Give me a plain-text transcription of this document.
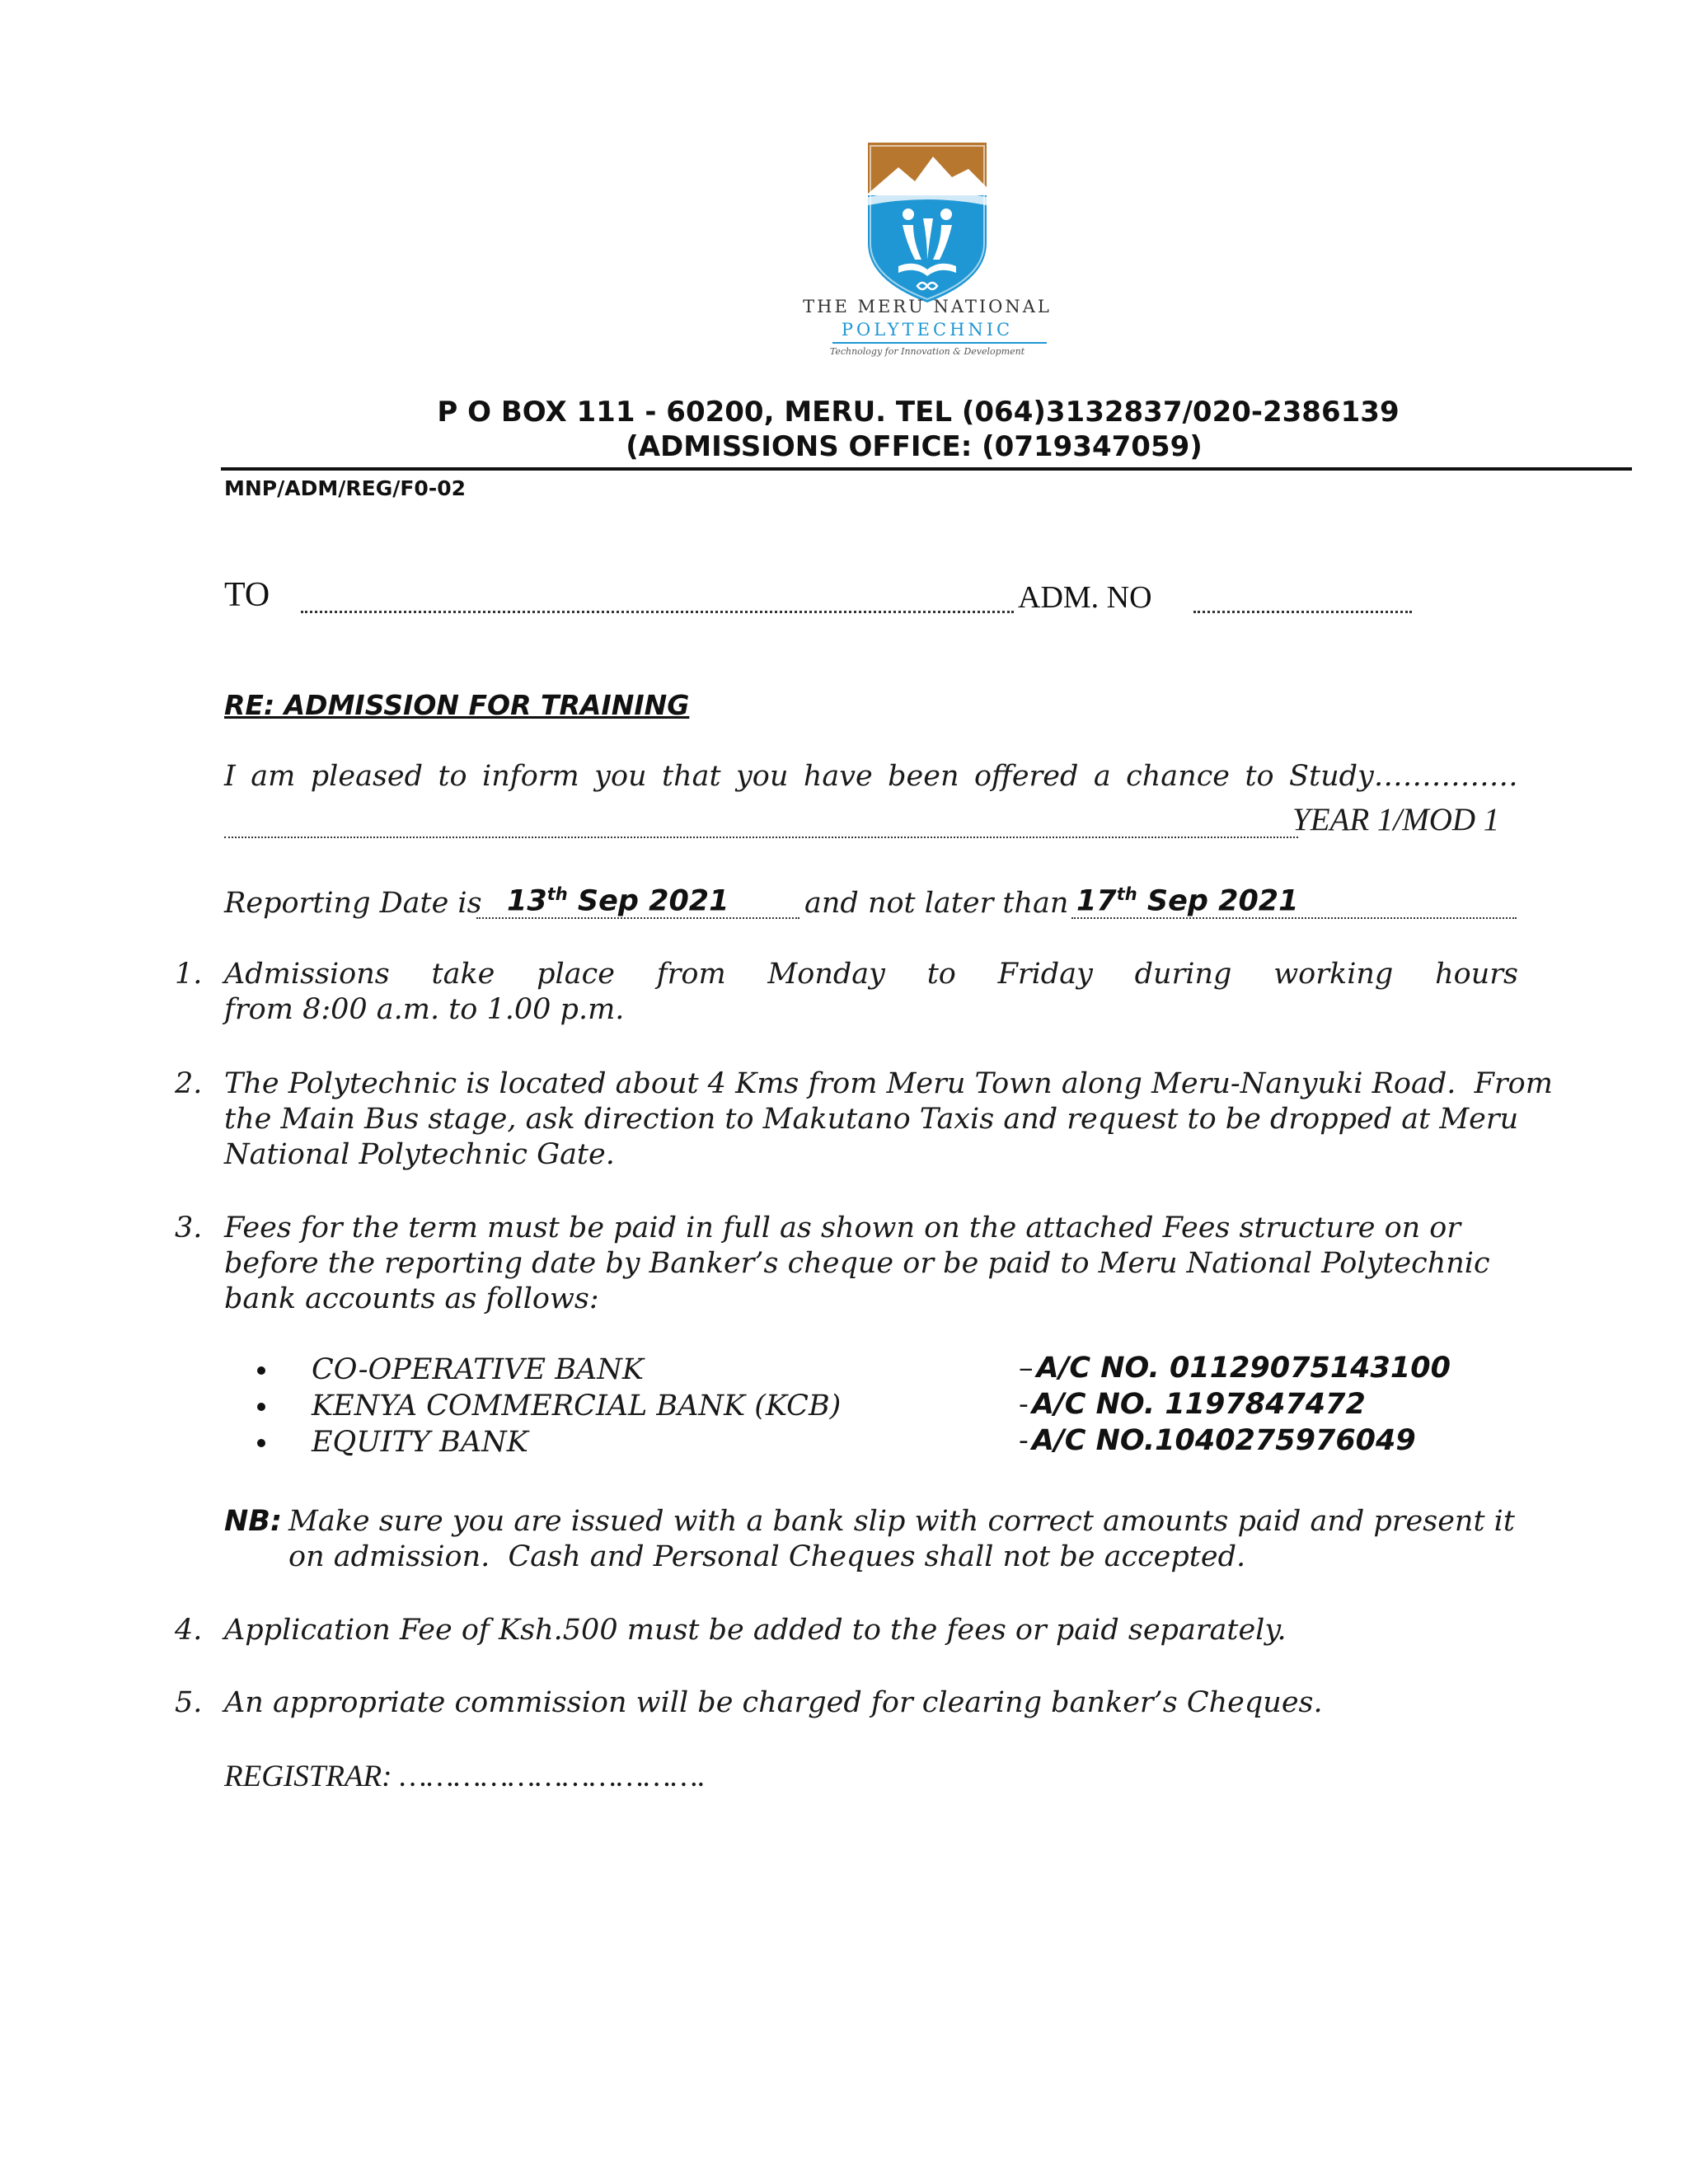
THE MERU NATIONAL
POLYTECHNIC
Technology for Innovation & Development
P O BOX 111 - 60200, MERU. TEL (064)3132837/020-2386139
(ADMISSIONS OFFICE: (0719347059)
MNP/ADM/REG/F0-02
TO	ADM. NO
RE: ADMISSION FOR TRAINING
I am pleased to inform you that you have been offered a chance to Study……………
YEAR 1/MOD 1
Reporting Date is 13th Sep 2021	and not later than 17th Sep 2021
1. Admissions take place from Monday to Friday during working hours
from 8:00 a.m. to 1.00 p.m.
2. The Polytechnic is located about 4 Kms from Meru Town along Meru-Nanyuki Road.  From
the Main Bus stage, ask direction to Makutano Taxis and request to be dropped at Meru
National Polytechnic Gate.
3. Fees for the term must be paid in full as shown on the attached Fees structure on or
before the reporting date by Banker’s cheque or be paid to Meru National Polytechnic
bank accounts as follows:
CO-OPERATIVE BANK	– A/C NO. 01129075143100
KENYA COMMERCIAL BANK (KCB)	- A/C NO. 1197847472
EQUITY BANK	- A/C NO.1040275976049
NB: Make sure you are issued with a bank slip with correct amounts paid and present it
on admission.  Cash and Personal Cheques shall not be accepted.
4. Application Fee of Ksh.500 must be added to the fees or paid separately.
5. An appropriate commission will be charged for clearing banker’s Cheques.
REGISTRAR: …………………………….
